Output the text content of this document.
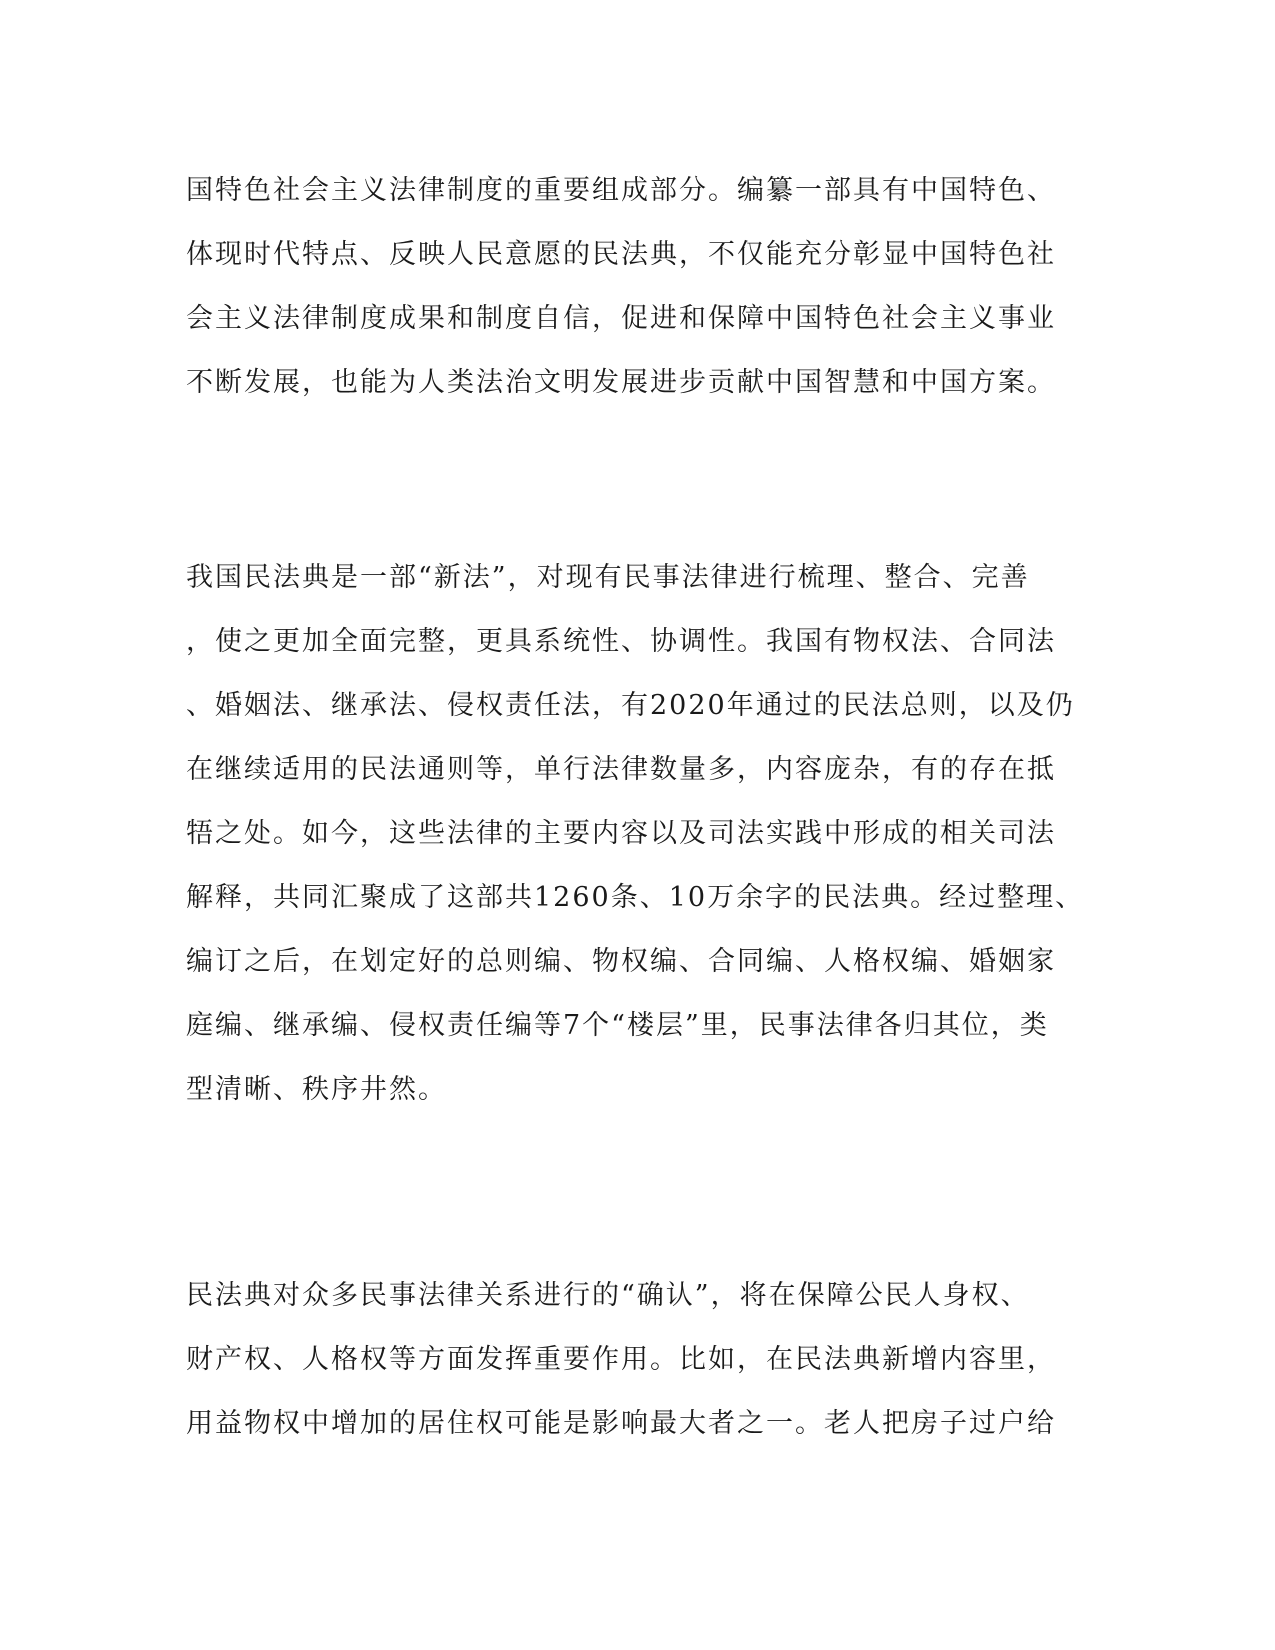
国特色社会主义法律制度的重要组成部分。编纂一部具有中国特色、
体现时代特点、反映人民意愿的民法典，不仅能充分彰显中国特色社
会主义法律制度成果和制度自信，促进和保障中国特色社会主义事业
不断发展，也能为人类法治文明发展进步贡献中国智慧和中国方案。

我国民法典是一部“新法”，对现有民事法律进行梳理、整合、完善
，使之更加全面完整，更具系统性、协调性。我国有物权法、合同法
、婚姻法、继承法、侵权责任法，有2020年通过的民法总则，以及仍
在继续适用的民法通则等，单行法律数量多，内容庞杂，有的存在抵
牾之处。如今，这些法律的主要内容以及司法实践中形成的相关司法
解释，共同汇聚成了这部共1260条、10万余字的民法典。经过整理、
编订之后，在划定好的总则编、物权编、合同编、人格权编、婚姻家
庭编、继承编、侵权责任编等7个“楼层”里，民事法律各归其位，类
型清晰、秩序井然。

民法典对众多民事法律关系进行的“确认”，将在保障公民人身权、
财产权、人格权等方面发挥重要作用。比如，在民法典新增内容里，
用益物权中增加的居住权可能是影响最大者之一。老人把房子过户给
